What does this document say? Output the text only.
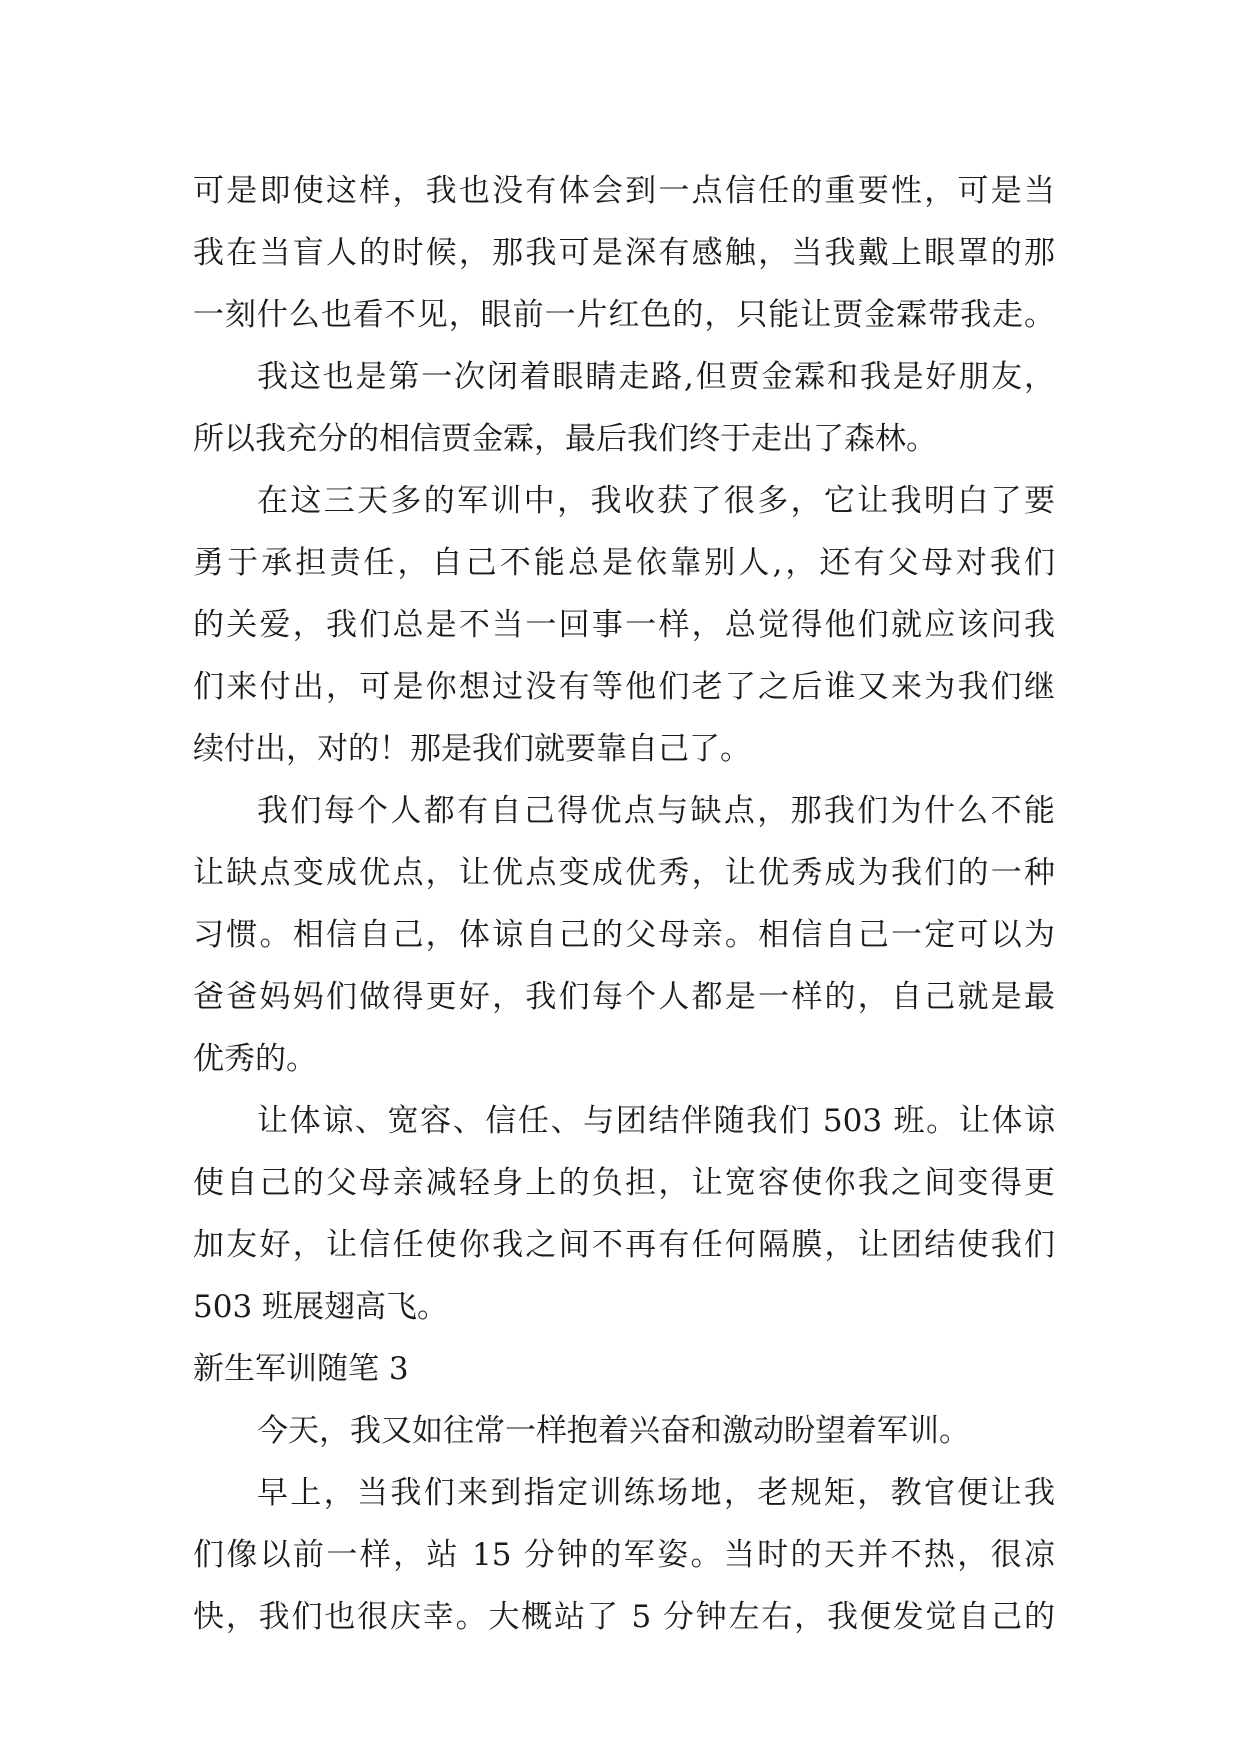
可是即使这样，我也没有体会到一点信任的重要性，可是当
我在当盲人的时候，那我可是深有感触，当我戴上眼罩的那
一刻什么也看不见，眼前一片红色的，只能让贾金霖带我走。
我这也是第一次闭着眼睛走路,但贾金霖和我是好朋友，
所以我充分的相信贾金霖，最后我们终于走出了森林。
在这三天多的军训中，我收获了很多，它让我明白了要
勇于承担责任，自己不能总是依靠别人,，还有父母对我们
的关爱，我们总是不当一回事一样，总觉得他们就应该问我
们来付出，可是你想过没有等他们老了之后谁又来为我们继
续付出，对的！那是我们就要靠自己了。
我们每个人都有自己得优点与缺点，那我们为什么不能
让缺点变成优点，让优点变成优秀，让优秀成为我们的一种
习惯。相信自己，体谅自己的父母亲。相信自己一定可以为
爸爸妈妈们做得更好，我们每个人都是一样的，自己就是最
优秀的。
让体谅、宽容、信任、与团结伴随我们 503 班。让体谅
使自己的父母亲减轻身上的负担，让宽容使你我之间变得更
加友好，让信任使你我之间不再有任何隔膜，让团结使我们
503 班展翅高飞。
新生军训随笔 3
今天，我又如往常一样抱着兴奋和激动盼望着军训。
早上，当我们来到指定训练场地，老规矩，教官便让我
们像以前一样，站 15 分钟的军姿。当时的天并不热，很凉
快，我们也很庆幸。大概站了 5 分钟左右，我便发觉自己的
